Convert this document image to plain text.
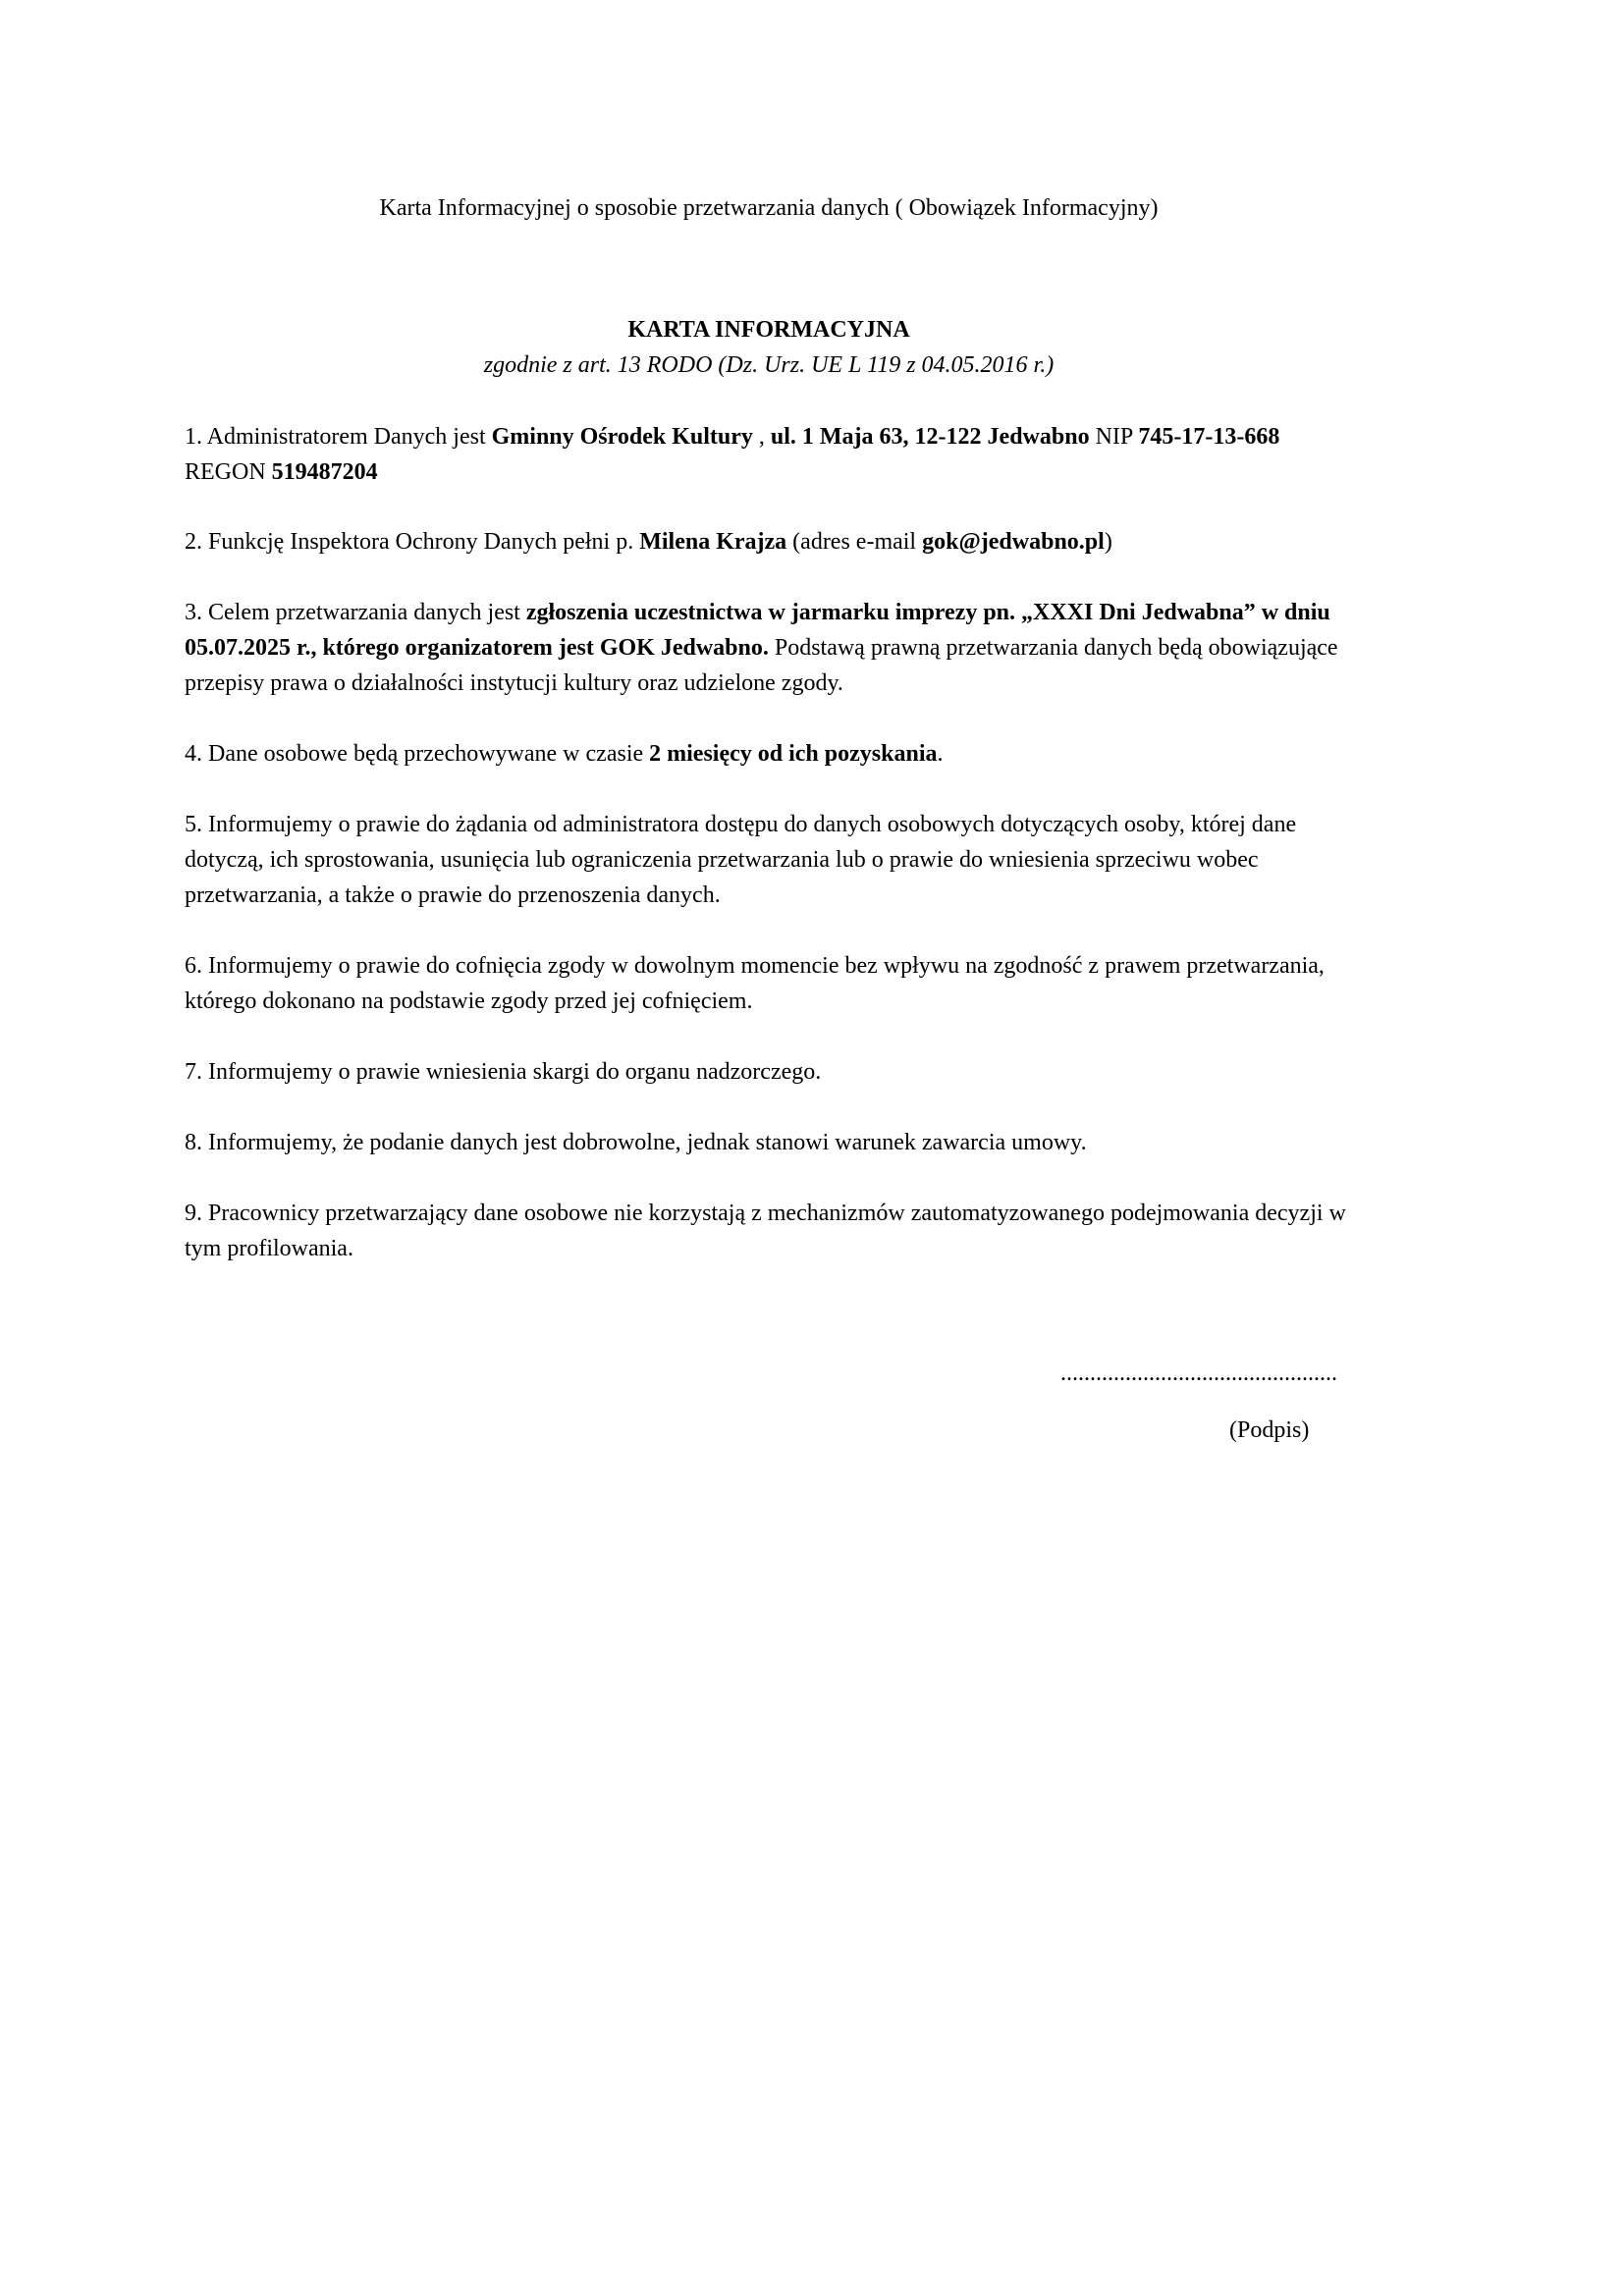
Karta Informacyjnej o sposobie przetwarzania danych ( Obowiązek Informacyjny)
KARTA INFORMACYJNA
zgodnie z art. 13 RODO (Dz. Urz. UE L 119 z 04.05.2016 r.)

1. Administratorem Danych jest Gminny Ośrodek Kultury , ul. 1 Maja 63, 12-122 Jedwabno NIP 745-17-13-668 REGON 519487204

2. Funkcję Inspektora Ochrony Danych pełni p. Milena Krajza (adres e-mail gok@jedwabno.pl)

3. Celem przetwarzania danych jest zgłoszenia uczestnictwa w jarmarku imprezy pn. „XXXI Dni Jedwabna” w dniu 05.07.2025 r., którego organizatorem jest GOK Jedwabno. Podstawą prawną przetwarzania danych będą obowiązujące przepisy prawa o działalności instytucji kultury oraz udzielone zgody.

4. Dane osobowe będą przechowywane w czasie 2 miesięcy od ich pozyskania.

5. Informujemy o prawie do żądania od administratora dostępu do danych osobowych dotyczących osoby, której dane dotyczą, ich sprostowania, usunięcia lub ograniczenia przetwarzania lub o prawie do wniesienia sprzeciwu wobec przetwarzania, a także o prawie do przenoszenia danych.

6. Informujemy o prawie do cofnięcia zgody w dowolnym momencie bez wpływu na zgodność z prawem przetwarzania, którego dokonano na podstawie zgody przed jej cofnięciem.

7. Informujemy o prawie wniesienia skargi do organu nadzorczego.

8. Informujemy, że podanie danych jest dobrowolne, jednak stanowi warunek zawarcia umowy.

9. Pracownicy przetwarzający dane osobowe nie korzystają z mechanizmów zautomatyzowanego podejmowania decyzji w tym profilowania.

...............................................
(Podpis)
